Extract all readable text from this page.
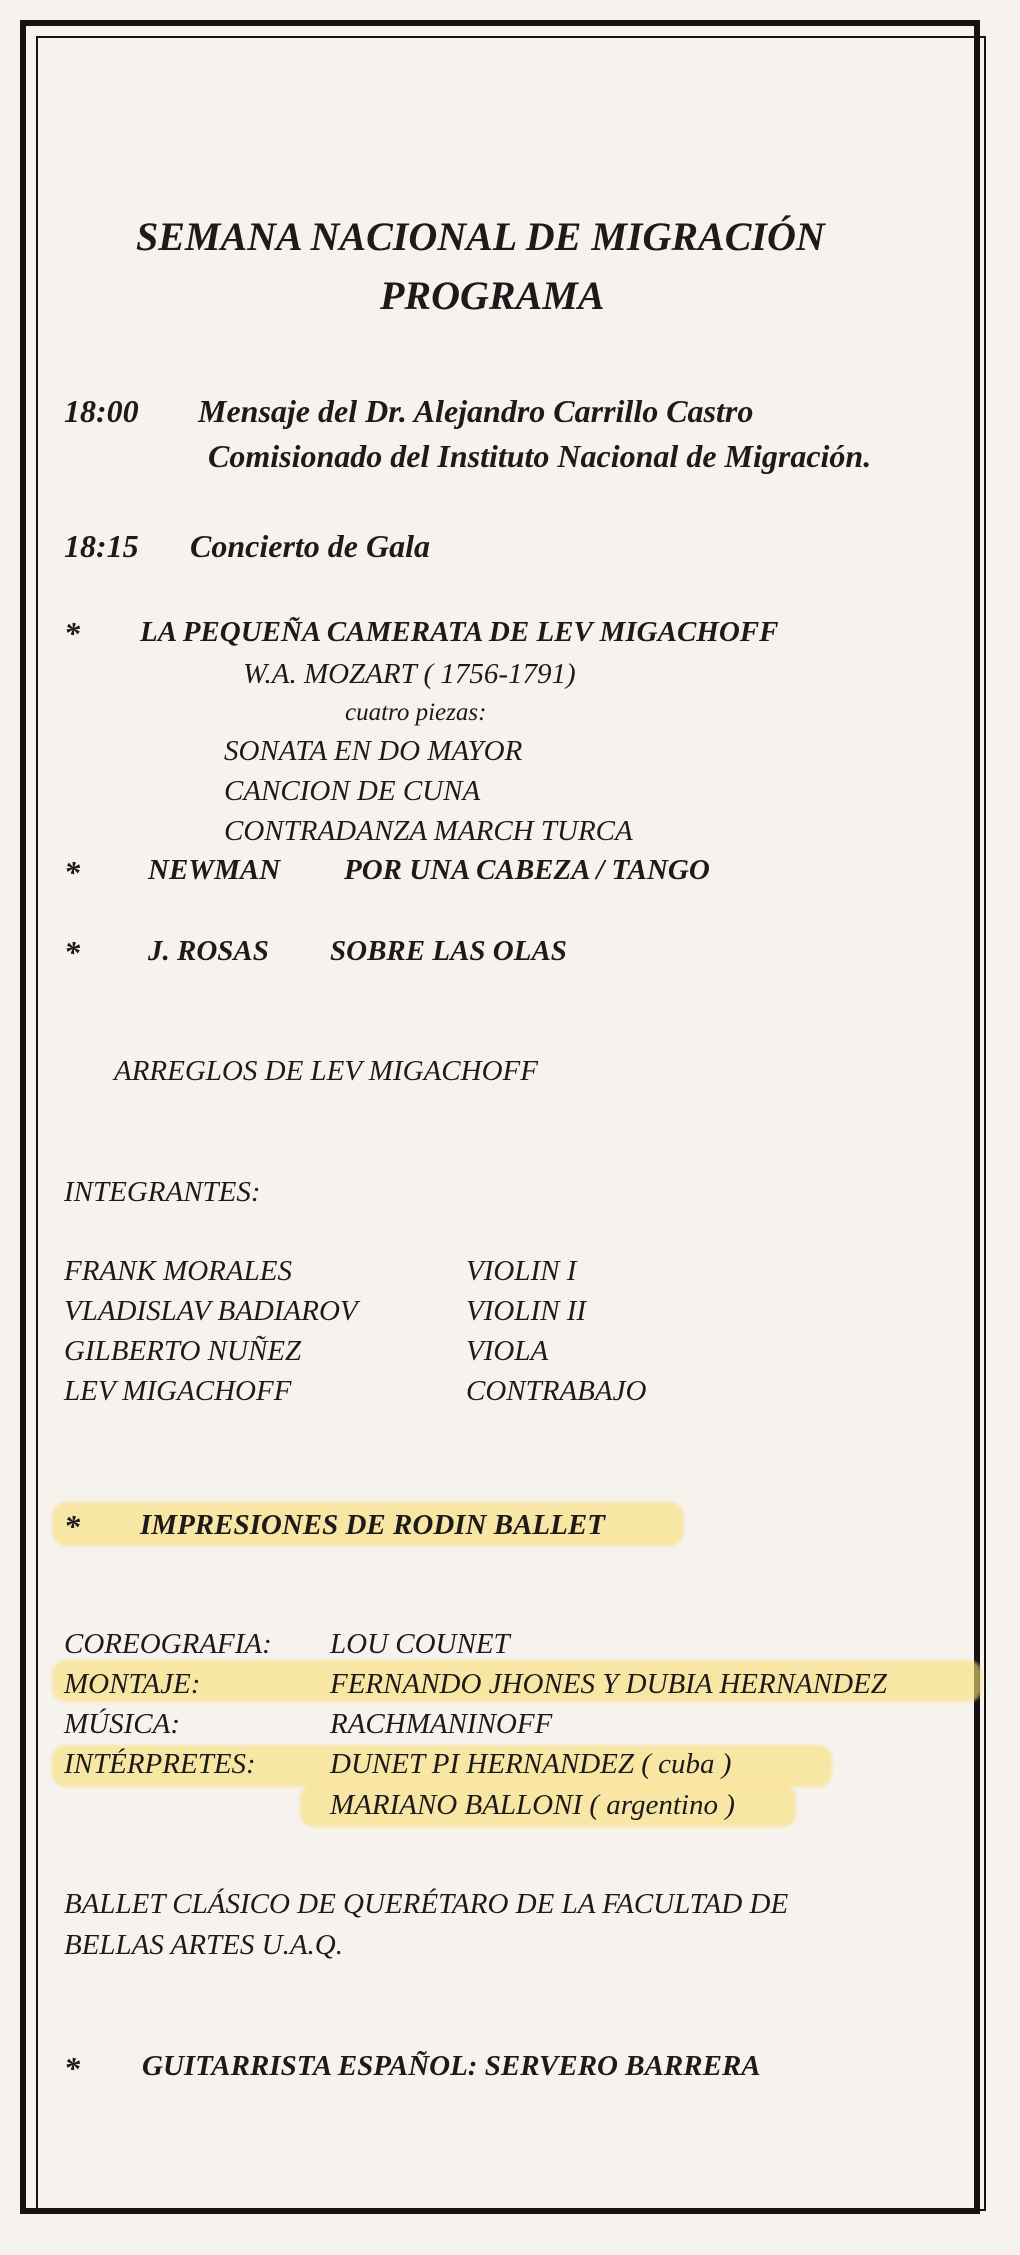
SEMANA NACIONAL DE MIGRACIÓN
PROGRAMA
18:00 Mensaje del Dr. Alejandro Carrillo Castro
Comisionado del Instituto Nacional de Migración.
18:15 Concierto de Gala
* LA PEQUEÑA CAMERATA DE LEV MIGACHOFF
W.A. MOZART ( 1756-1791)
cuatro piezas:
SONATA EN DO MAYOR
CANCION DE CUNA
CONTRADANZA MARCH TURCA
* NEWMAN POR UNA CABEZA / TANGO
* J. ROSAS SOBRE LAS OLAS
ARREGLOS DE LEV MIGACHOFF
INTEGRANTES:
FRANK MORALES	VIOLIN I
VLADISLAV BADIAROV	VIOLIN II
GILBERTO NUÑEZ	VIOLA
LEV MIGACHOFF	CONTRABAJO
* IMPRESIONES DE RODIN BALLET
COREOGRAFIA: LOU COUNET
MONTAJE:	FERNANDO JHONES Y DUBIA HERNANDEZ
MÚSICA:	RACHMANINOFF
INTÉRPRETES:	DUNET PI HERNANDEZ ( cuba )
MARIANO BALLONI ( argentino )
BALLET CLÁSICO DE QUERÉTARO DE LA FACULTAD DE
BELLAS ARTES U.A.Q.
* GUITARRISTA ESPAÑOL: SERVERO BARRERA
